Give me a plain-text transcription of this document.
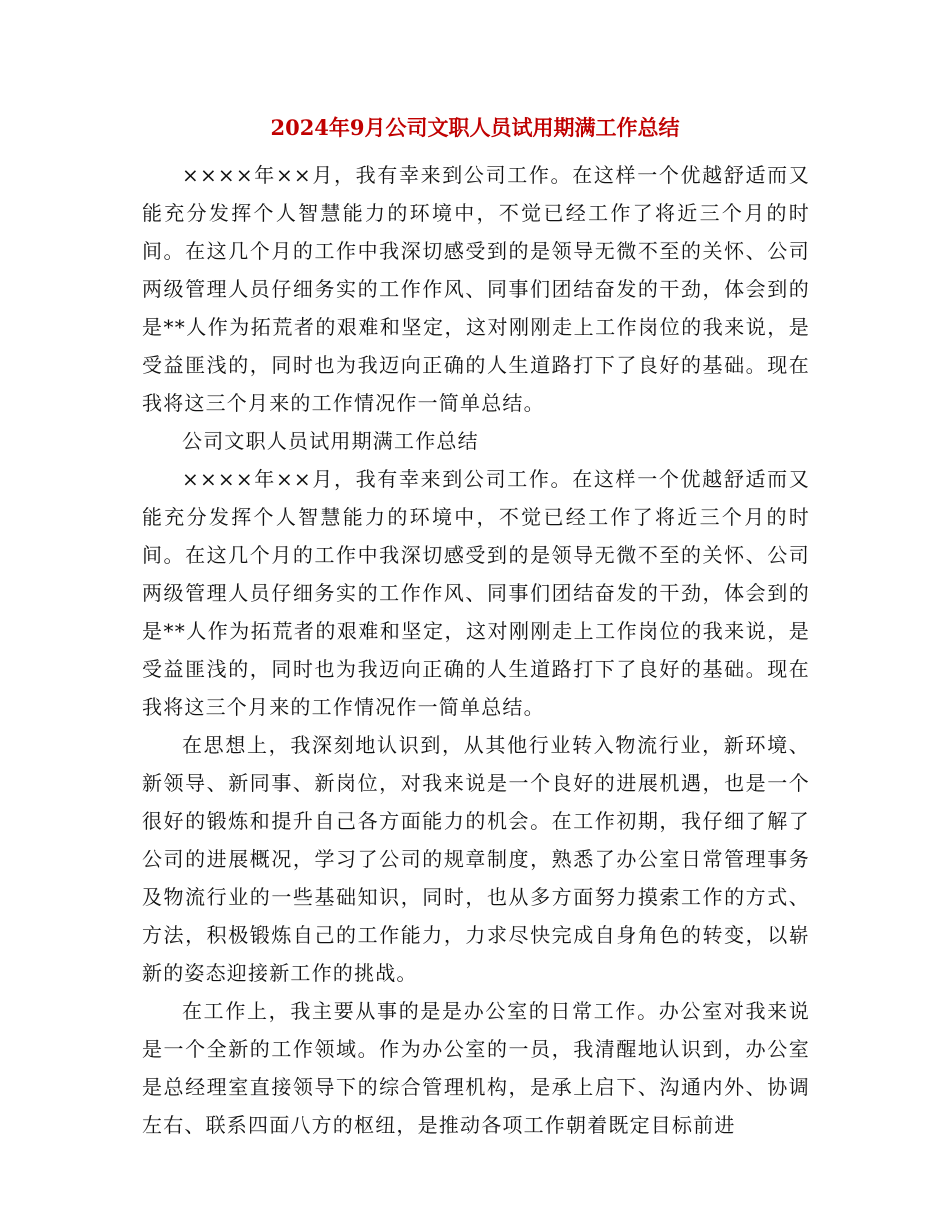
2024年9月公司文职人员试用期满工作总结

××××年××月，我有幸来到公司工作。在这样一个优越舒适而又能充分发挥个人智慧能力的环境中，不觉已经工作了将近三个月的时间。在这几个月的工作中我深切感受到的是领导无微不至的关怀、公司两级管理人员仔细务实的工作作风、同事们团结奋发的干劲，体会到的是**人作为拓荒者的艰难和坚定，这对刚刚走上工作岗位的我来说，是受益匪浅的，同时也为我迈向正确的人生道路打下了良好的基础。现在我将这三个月来的工作情况作一简单总结。

公司文职人员试用期满工作总结

××××年××月，我有幸来到公司工作。在这样一个优越舒适而又能充分发挥个人智慧能力的环境中，不觉已经工作了将近三个月的时间。在这几个月的工作中我深切感受到的是领导无微不至的关怀、公司两级管理人员仔细务实的工作作风、同事们团结奋发的干劲，体会到的是**人作为拓荒者的艰难和坚定，这对刚刚走上工作岗位的我来说，是受益匪浅的，同时也为我迈向正确的人生道路打下了良好的基础。现在我将这三个月来的工作情况作一简单总结。

在思想上，我深刻地认识到，从其他行业转入物流行业，新环境、新领导、新同事、新岗位，对我来说是一个良好的进展机遇，也是一个很好的锻炼和提升自己各方面能力的机会。在工作初期，我仔细了解了公司的进展概况，学习了公司的规章制度，熟悉了办公室日常管理事务及物流行业的一些基础知识，同时，也从多方面努力摸索工作的方式、方法，积极锻炼自己的工作能力，力求尽快完成自身角色的转变，以崭新的姿态迎接新工作的挑战。

在工作上，我主要从事的是是办公室的日常工作。办公室对我来说是一个全新的工作领域。作为办公室的一员，我清醒地认识到，办公室是总经理室直接领导下的综合管理机构，是承上启下、沟通内外、协调左右、联系四面八方的枢纽，是推动各项工作朝着既定目标前进
